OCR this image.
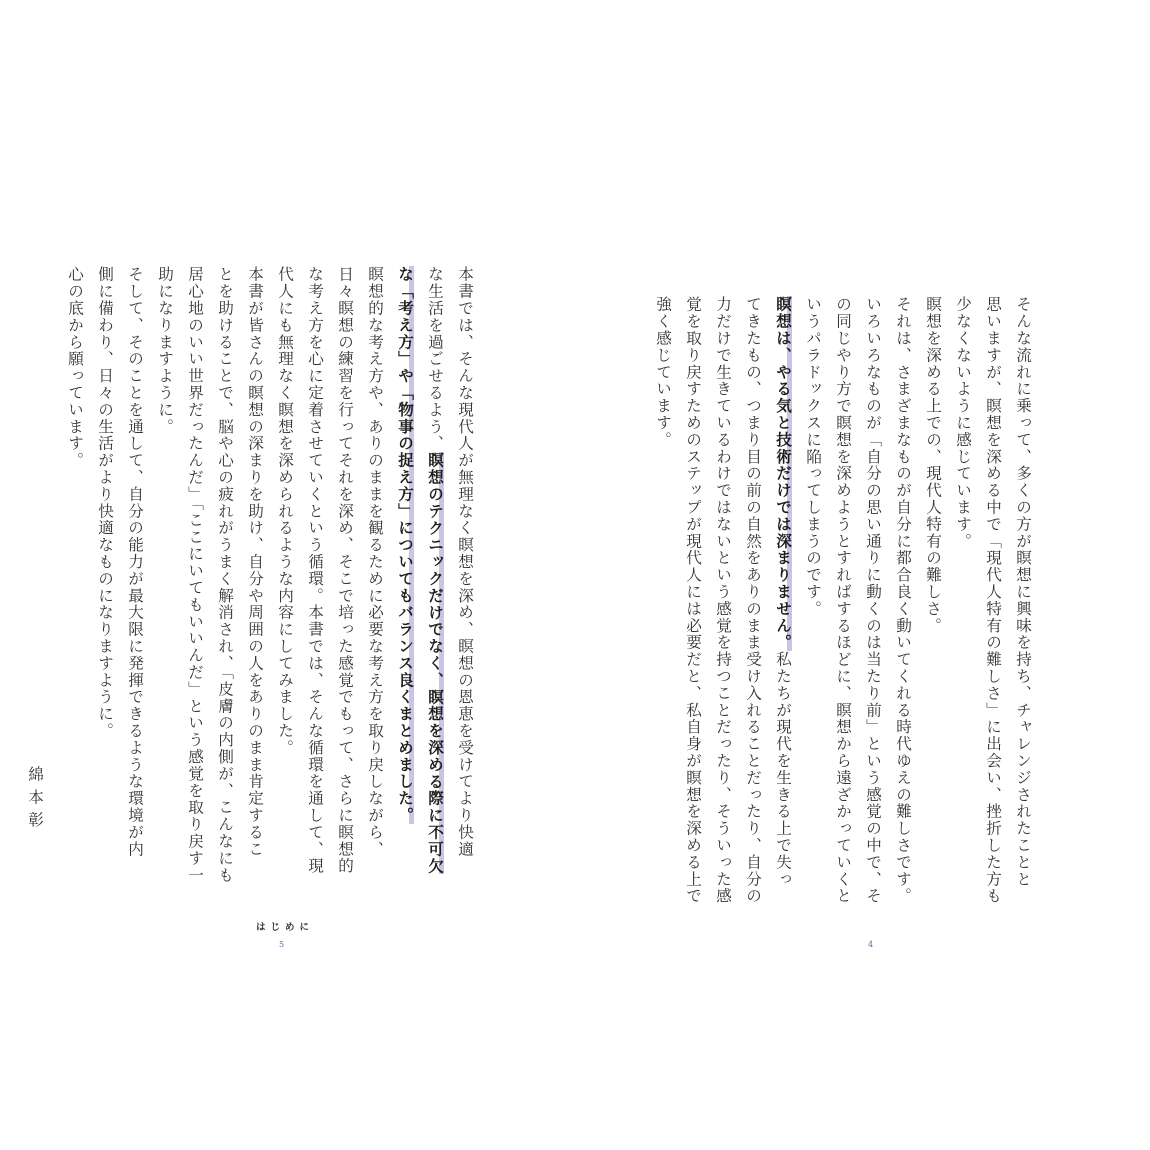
本書では、そんな現代人が無理なく瞑想を深め、瞑想の恩恵を受けてより快適
な生活を過ごせるよう、瞑想のテクニックだけでなく、瞑想を深める際に不可欠
な「考え方」や「物事の捉え方」についてもバランス良くまとめました。
瞑想的な考え方や、ありのままを観るために必要な考え方を取り戻しながら、
日々瞑想の練習を行ってそれを深め、そこで培った感覚でもって、さらに瞑想的
な考え方を心に定着させていくという循環。本書では、そんな循環を通して、現
代人にも無理なく瞑想を深められるような内容にしてみました。
本書が皆さんの瞑想の深まりを助け、自分や周囲の人をありのまま肯定するこ
とを助けることで、脳や心の疲れがうまく解消され、「皮膚の内側が、こんなにも
居心地のいい世界だったんだ」「ここにいてもいいんだ」という感覚を取り戻す一
助になりますように。
そして、そのことを通して、自分の能力が最大限に発揮できるような環境が内
側に備わり、日々の生活がより快適なものになりますように。
心の底から願っています。
綿本彰
はじめに
5
そんな流れに乗って、多くの方が瞑想に興味を持ち、チャレンジされたことと
思いますが、瞑想を深める中で「現代人特有の難しさ」に出会い、挫折した方も
少なくないように感じています。
瞑想を深める上での、現代人特有の難しさ。
それは、さまざまなものが自分に都合良く動いてくれる時代ゆえの難しさです。
いろいろなものが「自分の思い通りに動くのは当たり前」という感覚の中で、そ
の同じやり方で瞑想を深めようとすればするほどに、瞑想から遠ざかっていくと
いうパラドックスに陥ってしまうのです。
瞑想は、やる気と技術だけでは深まりません。私たちが現代を生きる上で失っ
てきたもの、つまり目の前の自然をありのまま受け入れることだったり、自分の
力だけで生きているわけではないという感覚を持つことだったり、そういった感
覚を取り戻すためのステップが現代人には必要だと、私自身が瞑想を深める上で
強く感じています。
4
